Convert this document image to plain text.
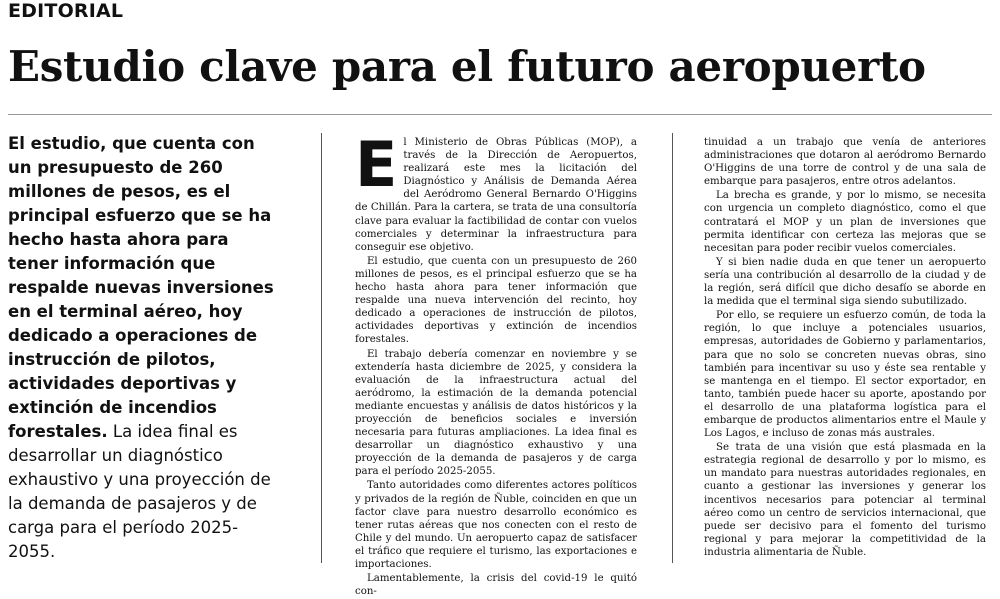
EDITORIAL
Estudio clave para el futuro aeropuerto
El estudio, que cuenta con un presupuesto de 260 millones de pesos, es el principal esfuerzo que se ha hecho hasta ahora para tener información que respalde nuevas inversiones en el terminal aéreo, hoy dedicado a operaciones de instrucción de pilotos, actividades deportivas y extinción de incendios forestales. La idea final es desarrollar un diagnóstico exhaustivo y una proyección de la demanda de pasajeros y de carga para el período 2025-2055.

El Ministerio de Obras Públicas (MOP), a través de la Dirección de Aeropuertos, realizará este mes la licitación del Diagnóstico y Análisis de Demanda Aérea del Aeródromo General Bernardo O'Higgins de Chillán. Para la cartera, se trata de una consultoría clave para evaluar la factibilidad de contar con vuelos comerciales y determinar la infraestructura para conseguir ese objetivo.

El estudio, que cuenta con un presupuesto de 260 millones de pesos, es el principal esfuerzo que se ha hecho hasta ahora para tener información que respalde una nueva intervención del recinto, hoy dedicado a operaciones de instrucción de pilotos, actividades deportivas y extinción de incendios forestales.

El trabajo debería comenzar en noviembre y se extendería hasta diciembre de 2025, y considera la evaluación de la infraestructura actual del aeródromo, la estimación de la demanda potencial mediante encuestas y análisis de datos históricos y la proyección de beneficios sociales e inversión necesaria para futuras ampliaciones. La idea final es desarrollar un diagnóstico exhaustivo y una proyección de la demanda de pasajeros y de carga para el período 2025-2055.

Tanto autoridades como diferentes actores políticos y privados de la región de Ñuble, coinciden en que un factor clave para nuestro desarrollo económico es tener rutas aéreas que nos conecten con el resto de Chile y del mundo. Un aeropuerto capaz de satisfacer el tráfico que requiere el turismo, las exportaciones e importaciones.

Lamentablemente, la crisis del covid-19 le quitó con-

tinuidad a un trabajo que venía de anteriores administraciones que dotaron al aeródromo Bernardo O'Higgins de una torre de control y de una sala de embarque para pasajeros, entre otros adelantos.

La brecha es grande, y por lo mismo, se necesita con urgencia un completo diagnóstico, como el que contratará el MOP y un plan de inversiones que permita identificar con certeza las mejoras que se necesitan para poder recibir vuelos comerciales.

Y si bien nadie duda en que tener un aeropuerto sería una contribución al desarrollo de la ciudad y de la región, será difícil que dicho desafío se aborde en la medida que el terminal siga siendo subutilizado.

Por ello, se requiere un esfuerzo común, de toda la región, lo que incluye a potenciales usuarios, empresas, autoridades de Gobierno y parlamentarios, para que no solo se concreten nuevas obras, sino también para incentivar su uso y éste sea rentable y se mantenga en el tiempo. El sector exportador, en tanto, también puede hacer su aporte, apostando por el desarrollo de una plataforma logística para el embarque de productos alimentarios entre el Maule y Los Lagos, e incluso de zonas más australes.

Se trata de una visión que está plasmada en la estrategia regional de desarrollo y por lo mismo, es un mandato para nuestras autoridades regionales, en cuanto a gestionar las inversiones y generar los incentivos necesarios para potenciar al terminal aéreo como un centro de servicios internacional, que puede ser decisivo para el fomento del turismo regional y para mejorar la competitividad de la industria alimentaria de Ñuble.
